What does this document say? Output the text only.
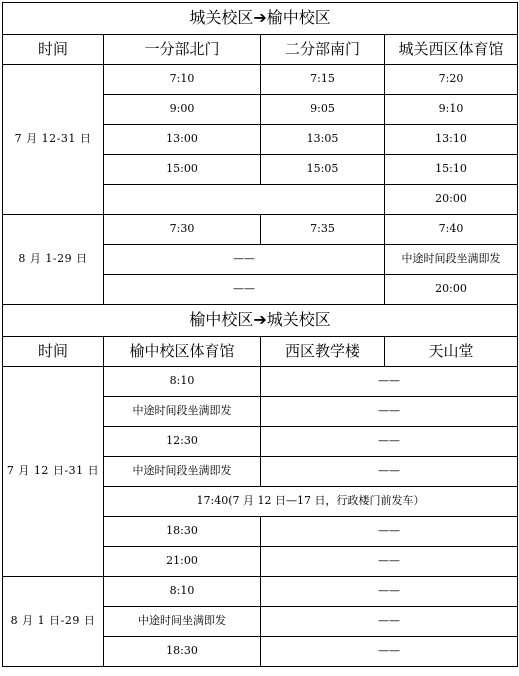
城关校区➔榆中校区			
时间	一分部北门	二分部南门	城关西区体育馆
7 月 12-31 日	7:10	7:15	7:20
	9:00	9:05	9:10
	13:00	13:05	13:10
	15:00	15:05	15:10
			20:00
8 月 1-29 日	7:30	7:35	7:40
	——		中途时间段坐满即发
	——		20:00
榆中校区➔城关校区			
时间	榆中校区体育馆	西区教学楼	天山堂
7 月 12 日-31 日	8:10	——	
	中途时间段坐满即发	——	
	12:30	——	
	中途时间段坐满即发	——	
	17:40(7 月 12 日—17 日，行政楼门前发车）		
	18:30	——	
	21:00	——	
8 月 1 日-29 日	8:10	——	
	中途时间坐满即发	——	
	18:30	——	
